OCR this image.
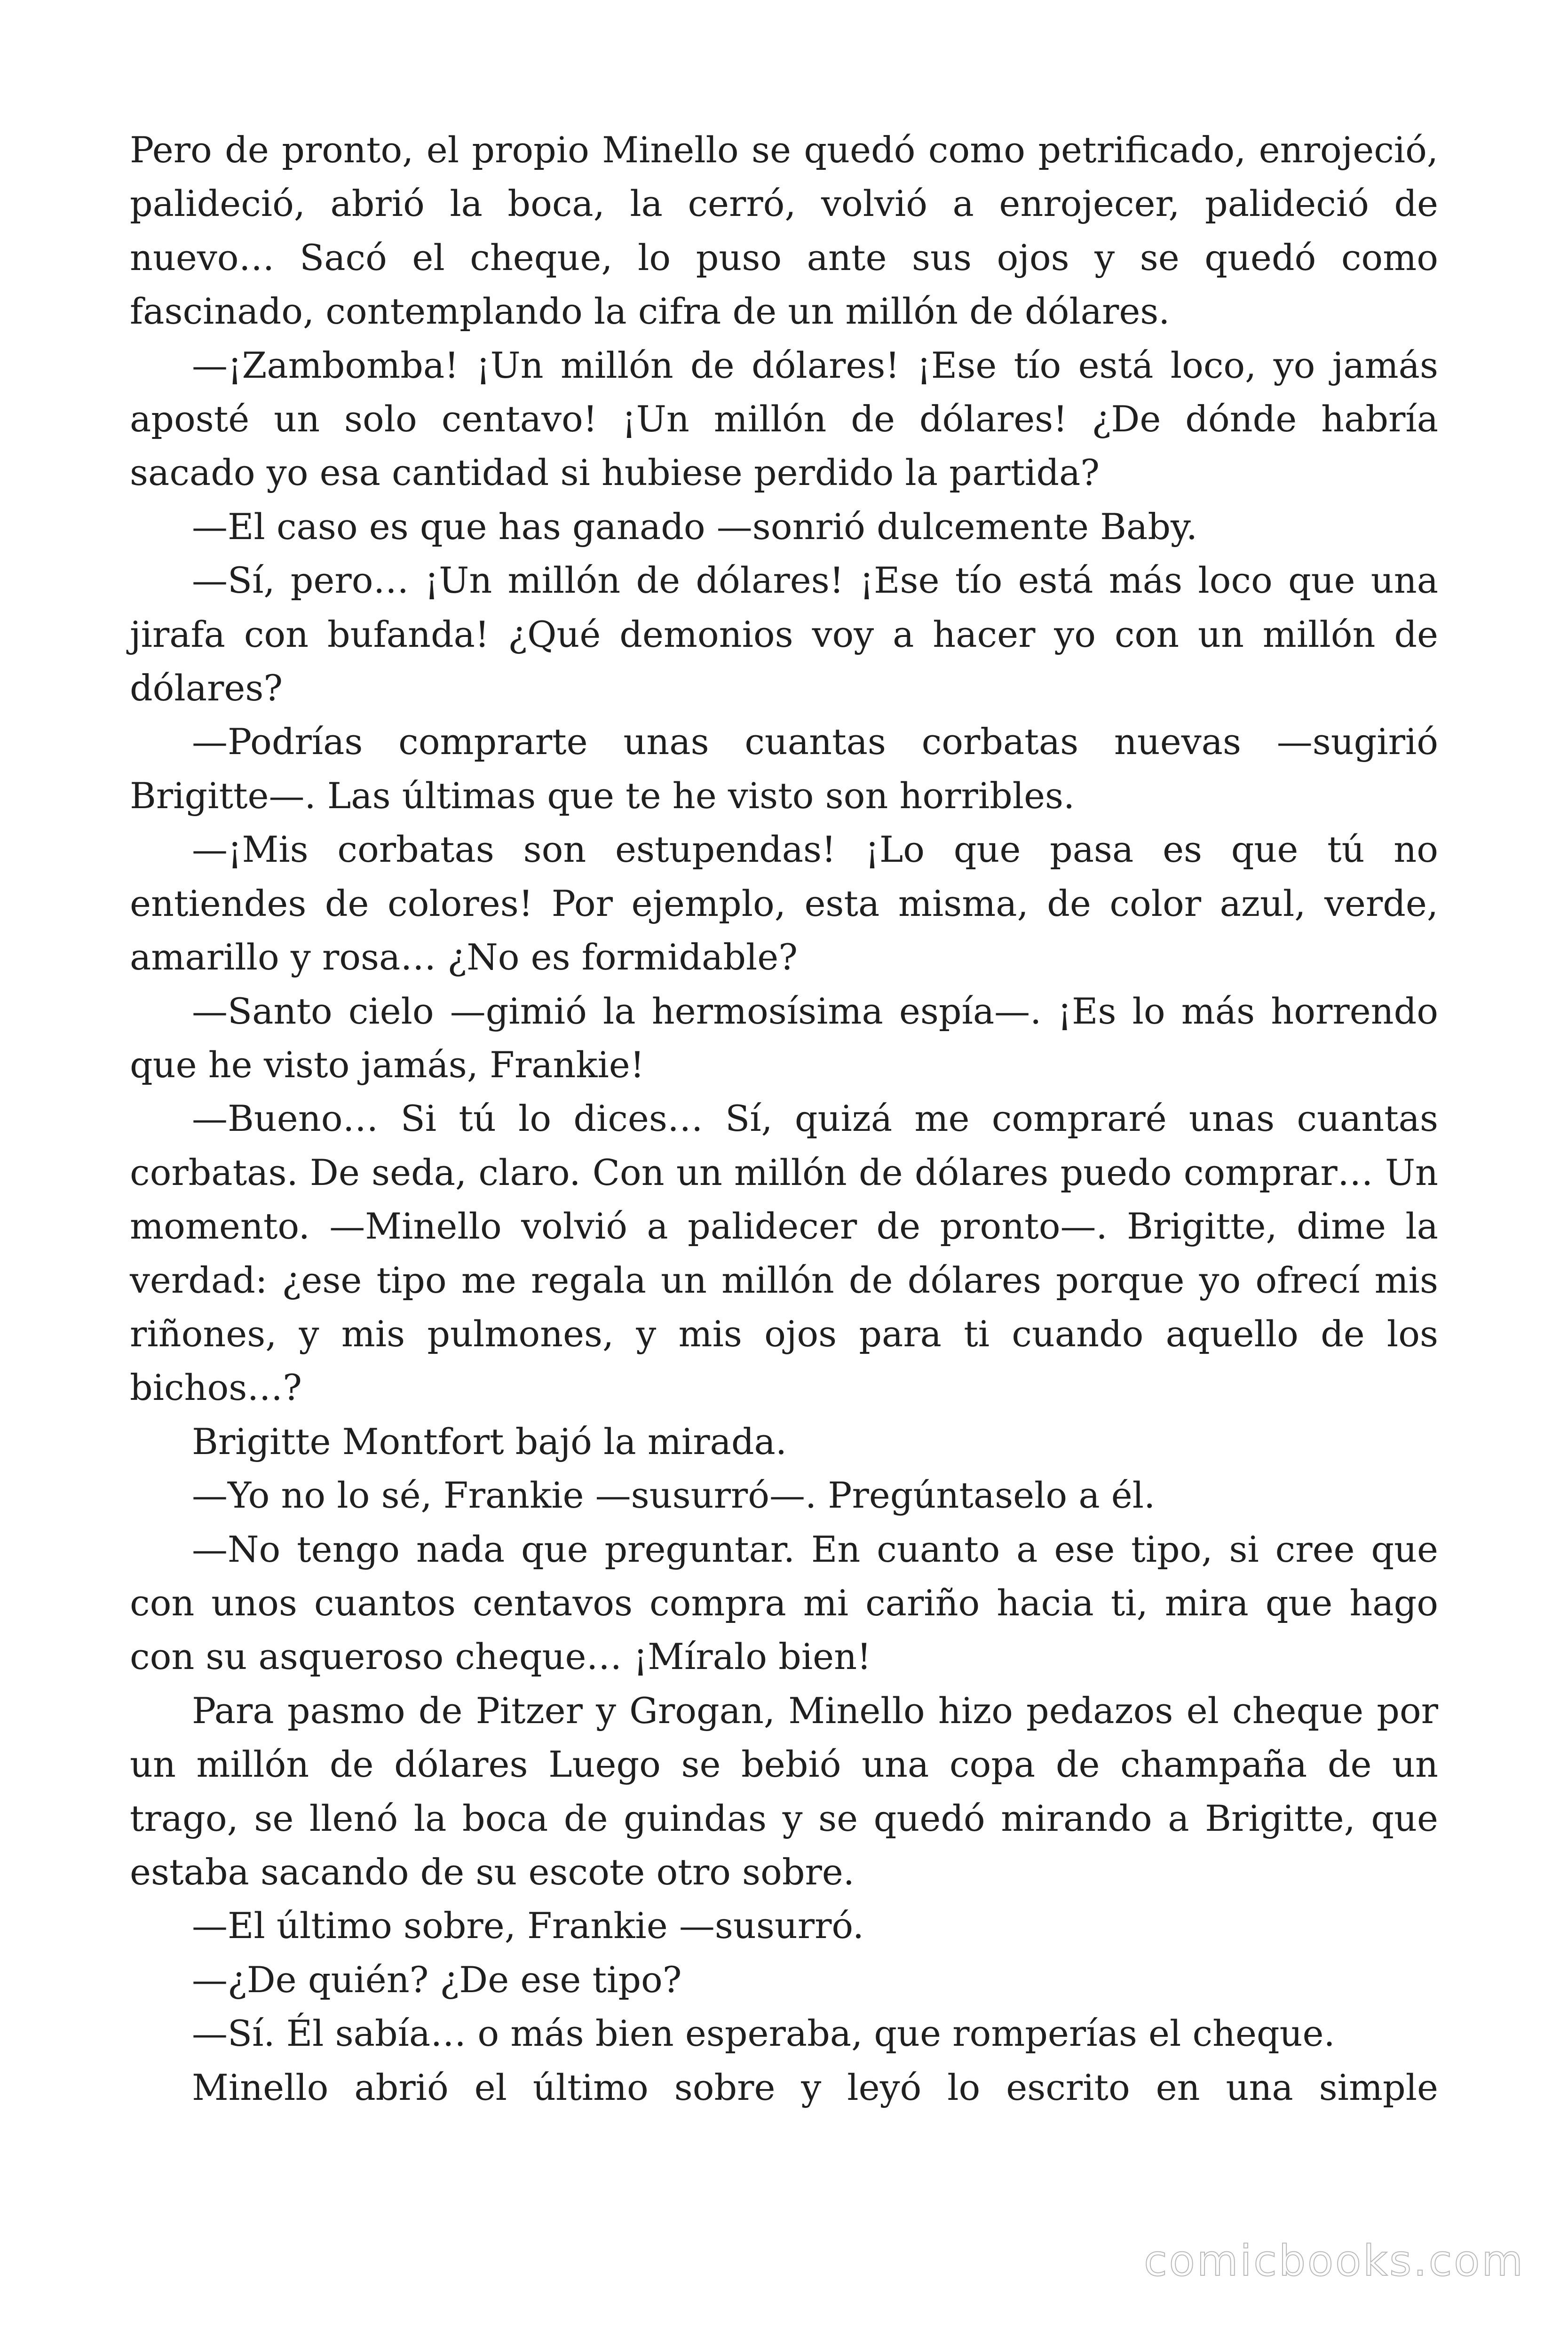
Pero de pronto, el propio Minello se quedó como petrificado, enrojeció, palideció, abrió la boca, la cerró, volvió a enrojecer, palideció de nuevo… Sacó el cheque, lo puso ante sus ojos y se quedó como fascinado, contemplando la cifra de un millón de dólares.

—¡Zambomba! ¡Un millón de dólares! ¡Ese tío está loco, yo jamás aposté un solo centavo! ¡Un millón de dólares! ¿De dónde habría sacado yo esa cantidad si hubiese perdido la partida?

—El caso es que has ganado —sonrió dulcemente Baby.

—Sí, pero… ¡Un millón de dólares! ¡Ese tío está más loco que una jirafa con bufanda! ¿Qué demonios voy a hacer yo con un millón de dólares?

—Podrías comprarte unas cuantas corbatas nuevas —sugirió Brigitte—. Las últimas que te he visto son horribles.

—¡Mis corbatas son estupendas! ¡Lo que pasa es que tú no entiendes de colores! Por ejemplo, esta misma, de color azul, verde, amarillo y rosa… ¿No es formidable?

—Santo cielo —gimió la hermosísima espía—. ¡Es lo más horrendo que he visto jamás, Frankie!

—Bueno… Si tú lo dices… Sí, quizá me compraré unas cuantas corbatas. De seda, claro. Con un millón de dólares puedo comprar… Un momento. —Minello volvió a palidecer de pronto—. Brigitte, dime la verdad: ¿ese tipo me regala un millón de dólares porque yo ofrecí mis riñones, y mis pulmones, y mis ojos para ti cuando aquello de los bichos…?

Brigitte Montfort bajó la mirada.

—Yo no lo sé, Frankie —susurró—. Pregúntaselo a él.

—No tengo nada que preguntar. En cuanto a ese tipo, si cree que con unos cuantos centavos compra mi cariño hacia ti, mira que hago con su asqueroso cheque… ¡Míralo bien!

Para pasmo de Pitzer y Grogan, Minello hizo pedazos el cheque por un millón de dólares Luego se bebió una copa de champaña de un trago, se llenó la boca de guindas y se quedó mirando a Brigitte, que estaba sacando de su escote otro sobre.

—El último sobre, Frankie —susurró.

—¿De quién? ¿De ese tipo?

—Sí. Él sabía… o más bien esperaba, que romperías el cheque.

Minello abrió el último sobre y leyó lo escrito en una simple

comicbooks.com
